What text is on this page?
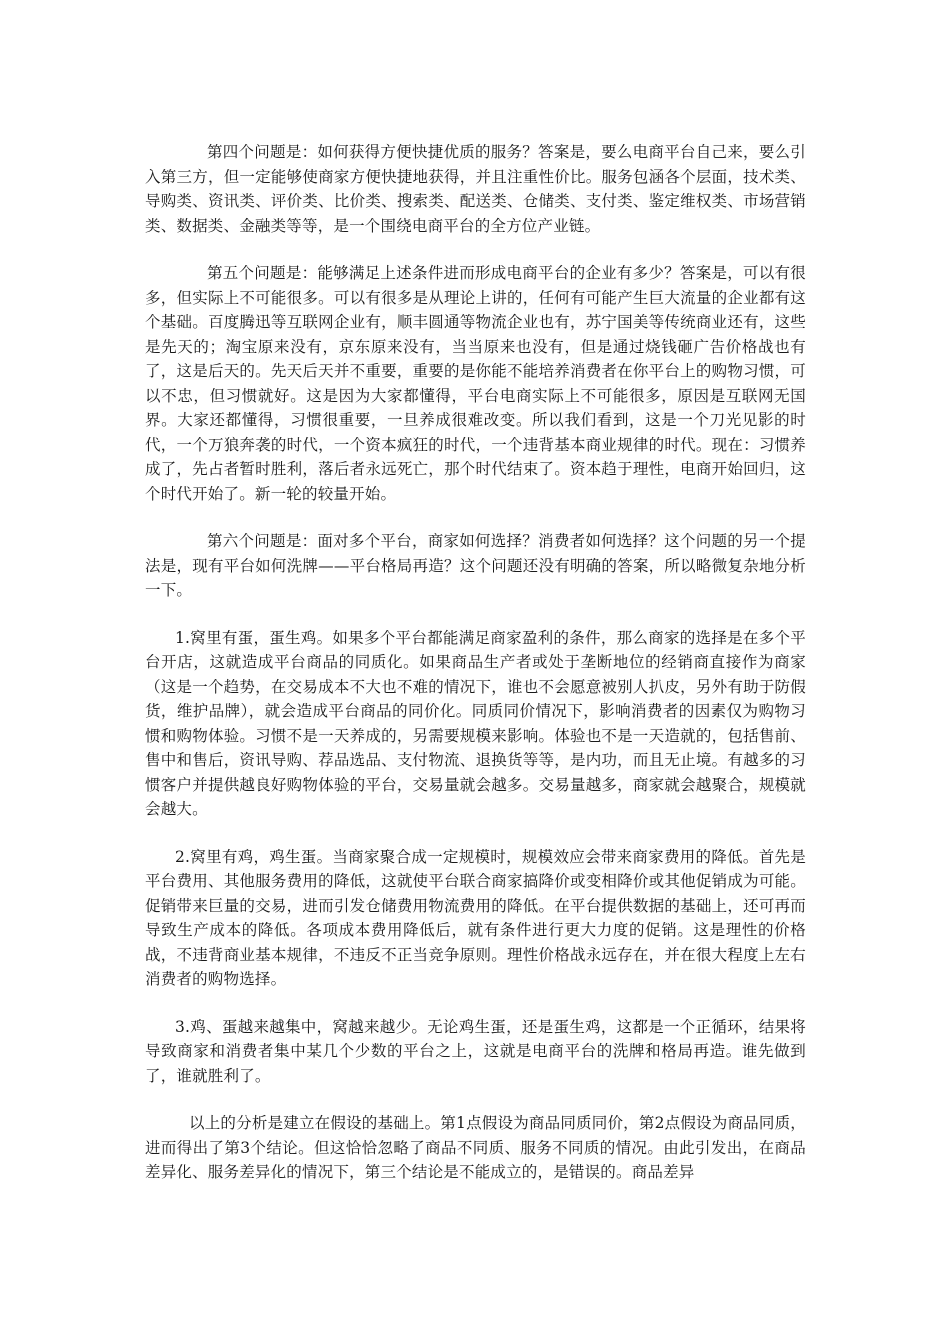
第四个问题是：如何获得方便快捷优质的服务？答案是，要么电商平台自己来，要么引入第三方，但一定能够使商家方便快捷地获得，并且注重性价比。服务包涵各个层面，技术类、导购类、资讯类、评价类、比价类、搜索类、配送类、仓储类、支付类、鉴定维权类、市场营销类、数据类、金融类等等，是一个围绕电商平台的全方位产业链。

第五个问题是：能够满足上述条件进而形成电商平台的企业有多少？答案是，可以有很多，但实际上不可能很多。可以有很多是从理论上讲的，任何有可能产生巨大流量的企业都有这个基础。百度腾迅等互联网企业有，顺丰圆通等物流企业也有，苏宁国美等传统商业还有，这些是先天的；淘宝原来没有，京东原来没有，当当原来也没有，但是通过烧钱砸广告价格战也有了，这是后天的。先天后天并不重要，重要的是你能不能培养消费者在你平台上的购物习惯，可以不忠，但习惯就好。这是因为大家都懂得，平台电商实际上不可能很多，原因是互联网无国界。大家还都懂得，习惯很重要，一旦养成很难改变。所以我们看到，这是一个刀光见影的时代，一个万狼奔袭的时代，一个资本疯狂的时代，一个违背基本商业规律的时代。现在：习惯养成了，先占者暂时胜利，落后者永远死亡，那个时代结束了。资本趋于理性，电商开始回归，这个时代开始了。新一轮的较量开始。

第六个问题是：面对多个平台，商家如何选择？消费者如何选择？这个问题的另一个提法是，现有平台如何洗牌——平台格局再造？这个问题还没有明确的答案，所以略微复杂地分析一下。

1.窝里有蛋，蛋生鸡。如果多个平台都能满足商家盈利的条件，那么商家的选择是在多个平台开店，这就造成平台商品的同质化。如果商品生产者或处于垄断地位的经销商直接作为商家（这是一个趋势，在交易成本不大也不难的情况下，谁也不会愿意被别人扒皮，另外有助于防假货，维护品牌），就会造成平台商品的同价化。同质同价情况下，影响消费者的因素仅为购物习惯和购物体验。习惯不是一天养成的，另需要规模来影响。体验也不是一天造就的，包括售前、售中和售后，资讯导购、荐品选品、支付物流、退换货等等，是内功，而且无止境。有越多的习惯客户并提供越良好购物体验的平台，交易量就会越多。交易量越多，商家就会越聚合，规模就会越大。

2.窝里有鸡，鸡生蛋。当商家聚合成一定规模时，规模效应会带来商家费用的降低。首先是平台费用、其他服务费用的降低，这就使平台联合商家搞降价或变相降价或其他促销成为可能。促销带来巨量的交易，进而引发仓储费用物流费用的降低。在平台提供数据的基础上，还可再而导致生产成本的降低。各项成本费用降低后，就有条件进行更大力度的促销。这是理性的价格战，不违背商业基本规律，不违反不正当竞争原则。理性价格战永远存在，并在很大程度上左右消费者的购物选择。

3.鸡、蛋越来越集中，窝越来越少。无论鸡生蛋，还是蛋生鸡，这都是一个正循环，结果将导致商家和消费者集中某几个少数的平台之上，这就是电商平台的洗牌和格局再造。谁先做到了，谁就胜利了。

以上的分析是建立在假设的基础上。第1点假设为商品同质同价，第2点假设为商品同质，进而得出了第3个结论。但这恰恰忽略了商品不同质、服务不同质的情况。由此引发出，在商品差异化、服务差异化的情况下，第三个结论是不能成立的，是错误的。商品差异
